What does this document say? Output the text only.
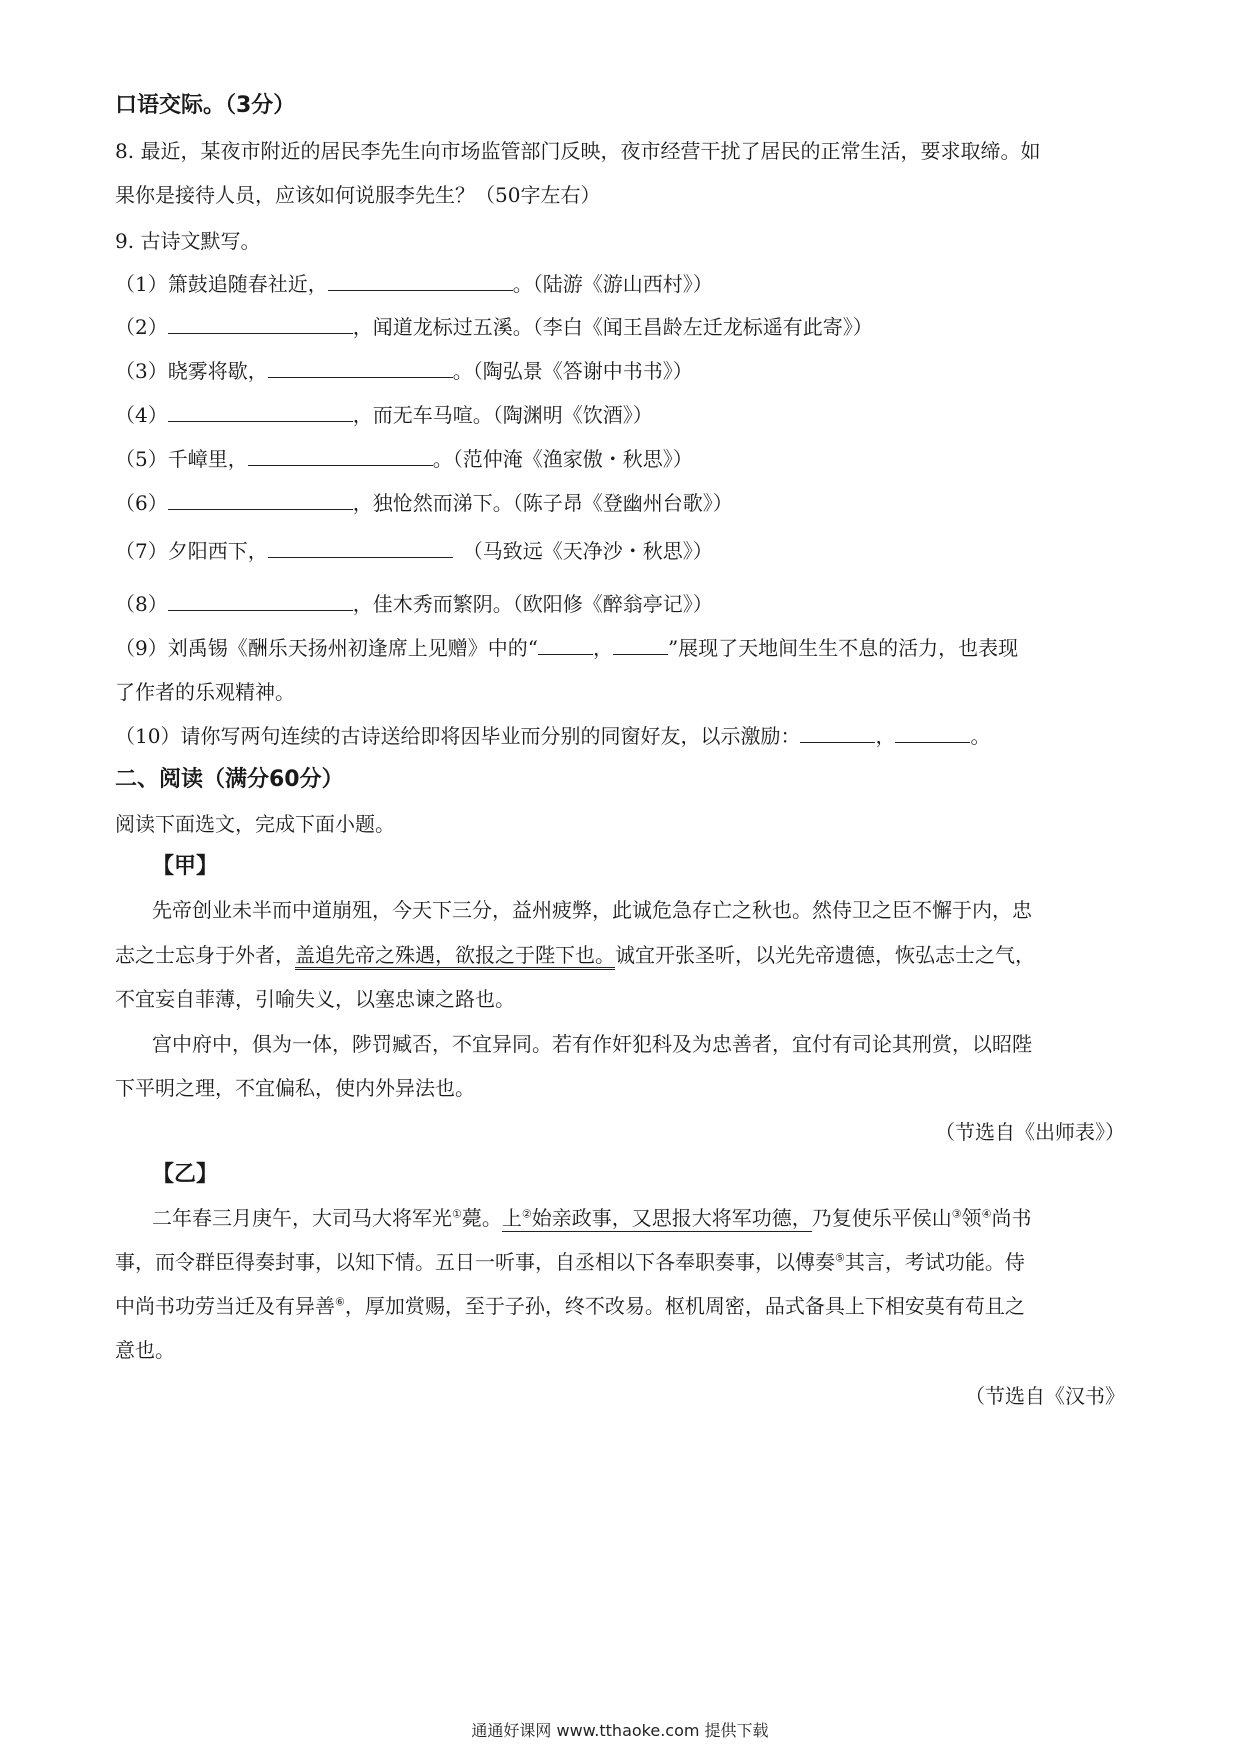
口语交际。（3分）
8. 最近，某夜市附近的居民李先生向市场监管部门反映，夜市经营干扰了居民的正常生活，要求取缔。如
果你是接待人员，应该如何说服李先生？（50字左右）
9. 古诗文默写。
（1）箫鼓追随春社近，	。（陆游《游山西村》）
（2）	，闻道龙标过五溪。（李白《闻王昌龄左迁龙标遥有此寄》）
（3）晓雾将歇，	。（陶弘景《答谢中书书》）
（4）	，而无车马喧。（陶渊明《饮酒》）
（5）千嶂里，	。（范仲淹《渔家傲・秋思》）
（6）	，独怆然而涕下。（陈子昂《登幽州台歌》）
（7）夕阳西下，	　（马致远《天净沙・秋思》）
（8）	，佳木秀而繁阴。（欧阳修《醉翁亭记》）
（9）刘禹锡《酬乐天扬州初逢席上见赠》中的“	，	”展现了天地间生生不息的活力，也表现
了作者的乐观精神。
（10）请你写两句连续的古诗送给即将因毕业而分别的同窗好友，以示激励：	，	。
二、阅读（满分60分）
阅读下面选文，完成下面小题。
【甲】
先帝创业未半而中道崩殂，今天下三分，益州疲弊，此诚危急存亡之秋也。然侍卫之臣不懈于内，忠
志之士忘身于外者，盖追先帝之殊遇，欲报之于陛下也。诚宜开张圣听，以光先帝遗德，恢弘志士之气，
不宜妄自菲薄，引喻失义，以塞忠谏之路也。
宫中府中，俱为一体，陟罚臧否，不宜异同。若有作奸犯科及为忠善者，宜付有司论其刑赏，以昭陛
下平明之理，不宜偏私，使内外异法也。
（节选自《出师表》）
【乙】
二年春三月庚午，大司马大将军光①薨。上②始亲政事，又思报大将军功德，乃复使乐平侯山③领④尚书
事，而令群臣得奏封事，以知下情。五日一听事，自丞相以下各奉职奏事，以傅奏⑤其言，考试功能。侍
中尚书功劳当迁及有异善⑥，厚加赏赐，至于子孙，终不改易。枢机周密，品式备具上下相安莫有苟且之
意也。
（节选自《汉书》
通通好课网 www.tthaoke.com 提供下载
